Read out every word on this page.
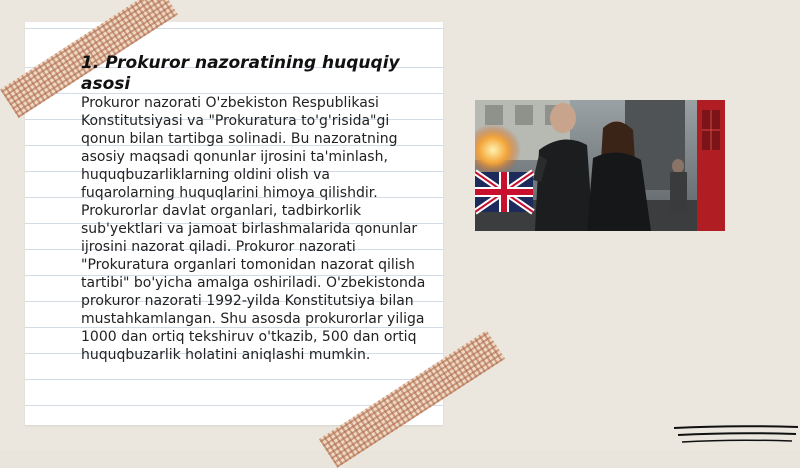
1. Prokuror nazoratining huquqiy asosi

Prokuror nazorati O'zbekiston Respublikasi Konstitutsiyasi va "Prokuratura to'g'risida"gi qonun bilan tartibga solinadi. Bu nazoratning asosiy maqsadi qonunlar ijrosini ta'minlash, huquqbuzarliklarning oldini olish va fuqarolarning huquqlarini himoya qilishdir. Prokurorlar davlat organlari, tadbirkorlik sub'yektlari va jamoat birlashmalarida qonunlar ijrosini nazorat qiladi. Prokuror nazorati "Prokuratura organlari tomonidan nazorat qilish tartibi" bo'yicha amalga oshiriladi. O'zbekistonda prokuror nazorati 1992-yilda Konstitutsiya bilan mustahkamlangan. Shu asosda prokurorlar yiliga 1000 dan ortiq tekshiruv o'tkazib, 500 dan ortiq huquqbuzarlik holatini aniqlashi mumkin.
